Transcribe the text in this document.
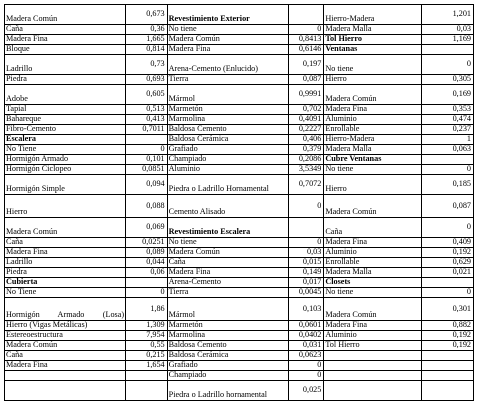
Madera Común	0,673	Revestimiento Exterior		Hierro-Madera	1,201
Caña	0,36	No tiene	0	Madera Malla	0,03
Madera Fina	1,665	Madera Común	0,8413	Tol Hierro	1,169
Bloque	0,814	Madera Fina	0,6146	Ventanas	
Ladrillo	0,73	Arena-Cemento (Enlucido)	0,197	No tiene	0
Piedra	0,693	Tierra	0,087	Hierro	0,305
Adobe	0,605	Mármol	0,9991	Madera Común	0,169
Tapial	0,513	Marmetón	0,702	Madera Fina	0,353
Bahareque	0,413	Marmolina	0,4091	Aluminio	0,474
Fibro-Cemento	0,7011	Baldosa Cemento	0,2227	Enrollable	0,237
Escalera		Baldosa Cerámica	0,406	Hierro-Madera	1
No Tiene	0	Grafiado	0,379	Madera Malla	0,063
Hormigón Armado	0,101	Champiado	0,2086	Cubre Ventanas	
Hormigón Ciclopeo	0,0851	Aluminio	3,5349	No tiene	0
Hormigón Simple	0,094	Piedra o Ladrillo Hornamental	0,7072	Hierro	0,185
Hierro	0,088	Cemento Alisado	0	Madera Común	0,087
Madera Común	0,069	Revestimiento Escalera		Caña	0
Caña	0,0251	No tiene	0	Madera Fina	0,409
Madera Fina	0,089	Madera Común	0,03	Aluminio	0,192
Ladrillo	0,044	Caña	0,015	Enrollable	0,629
Piedra	0,06	Madera Fina	0,149	Madera Malla	0,021
Cubierta		Arena-Cemento	0,017	Closets	
No Tiene	0	Tierra	0,0045	No tiene	0
Hormigón Armado (Losa)	1,86	Mármol	0,103	Madera Común	0,301
Hierro (Vigas Metálicas)	1,309	Marmetón	0,0601	Madera Fina	0,882
Estereoestructura	7,954	Marmolina	0,0402	Aluminio	0,192
Madera Común	0,55	Baldosa Cemento	0,031	Tol Hierro	0,192
Caña	0,215	Baldosa Cerámica	0,0623		
Madera Fina	1,654	Grafiado	0		
		Champiado	0		
		Piedra o Ladrillo hornamental	0,025		
